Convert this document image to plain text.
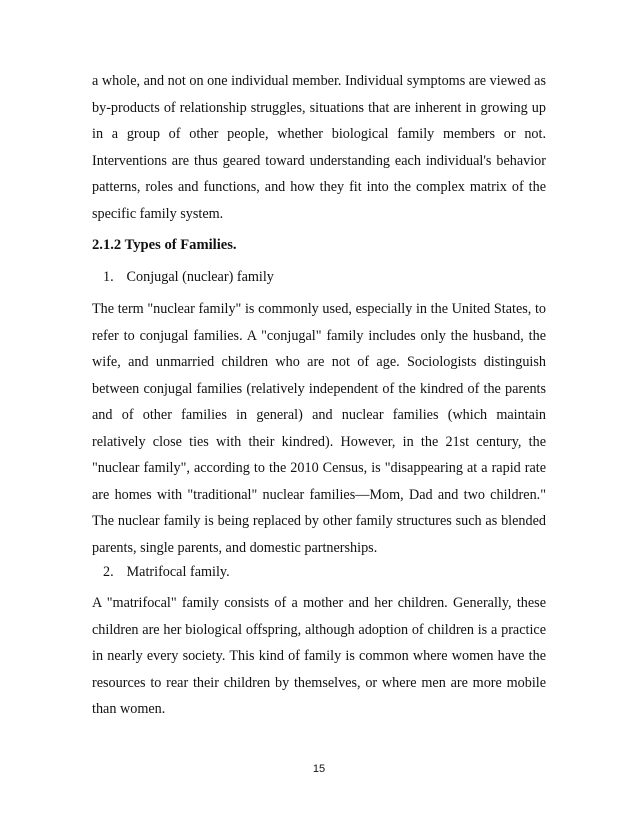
a whole, and not on one individual member. Individual symptoms are viewed as by-products of relationship struggles, situations that are inherent in growing up in a group of other people, whether biological family members or not. Interventions are thus geared toward understanding each individual's behavior patterns, roles and functions, and how they fit into the complex matrix of the specific family system.

2.1.2 Types of Families.
1. Conjugal (nuclear) family

The term "nuclear family" is commonly used, especially in the United States, to refer to conjugal families. A "conjugal" family includes only the husband, the wife, and unmarried children who are not of age. Sociologists distinguish between conjugal families (relatively independent of the kindred of the parents and of other families in general) and nuclear families (which maintain relatively close ties with their kindred). However, in the 21st century, the "nuclear family", according to the 2010 Census, is "disappearing at a rapid rate are homes with "traditional" nuclear families—Mom, Dad and two children." The nuclear family is being replaced by other family structures such as blended parents, single parents, and domestic partnerships.

2. Matrifocal family.

A "matrifocal" family consists of a mother and her children. Generally, these children are her biological offspring, although adoption of children is a practice in nearly every society. This kind of family is common where women have the resources to rear their children by themselves, or where men are more mobile than women.

15
